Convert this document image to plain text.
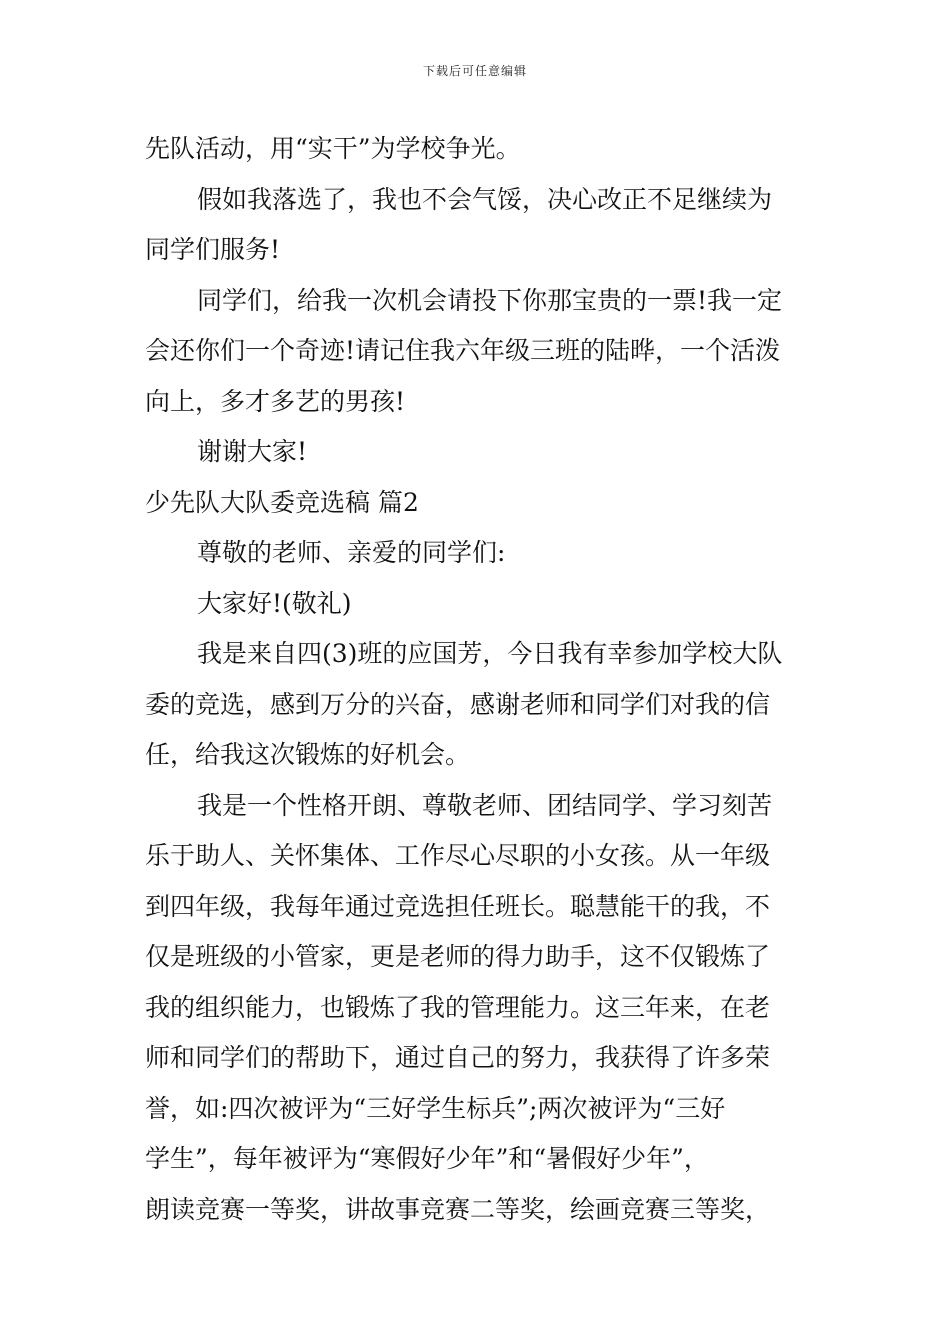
下载后可任意编辑
先队活动，用“实干”为学校争光。
假如我落选了，我也不会气馁，决心改正不足继续为
同学们服务!
同学们，给我一次机会请投下你那宝贵的一票!我一定
会还你们一个奇迹!请记住我六年级三班的陆晔，一个活泼
向上，多才多艺的男孩!
谢谢大家!
少先队大队委竞选稿 篇2
尊敬的老师、亲爱的同学们:
大家好!(敬礼)
我是来自四(3)班的应国芳，今日我有幸参加学校大队
委的竞选，感到万分的兴奋，感谢老师和同学们对我的信
任，给我这次锻炼的好机会。
我是一个性格开朗、尊敬老师、团结同学、学习刻苦
乐于助人、关怀集体、工作尽心尽职的小女孩。从一年级
到四年级，我每年通过竞选担任班长。聪慧能干的我，不
仅是班级的小管家，更是老师的得力助手，这不仅锻炼了
我的组织能力，也锻炼了我的管理能力。这三年来，在老
师和同学们的帮助下，通过自己的努力，我获得了许多荣
誉，如:四次被评为“三好学生标兵”;两次被评为“三好
学生”，每年被评为“寒假好少年”和“暑假好少年”，
朗读竞赛一等奖，讲故事竞赛二等奖，绘画竞赛三等奖，
